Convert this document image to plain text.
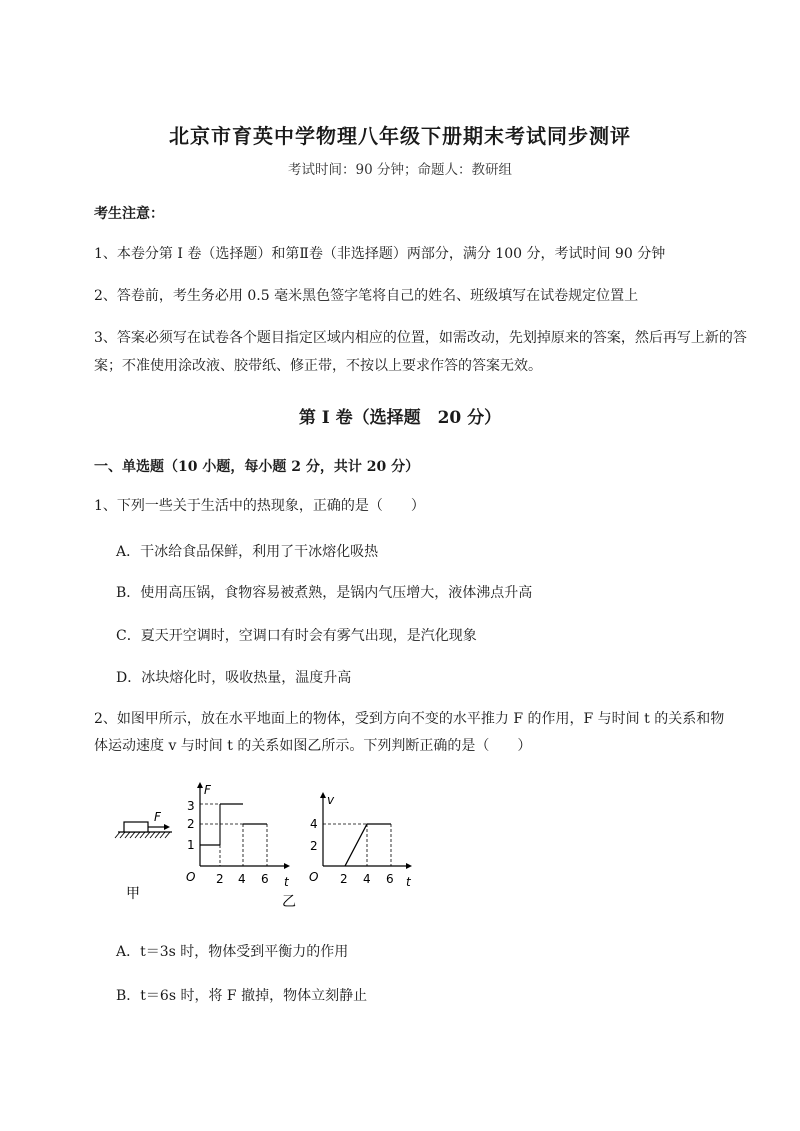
北京市育英中学物理八年级下册期末考试同步测评
考试时间：90 分钟；命题人：教研组
考生注意：
1、本卷分第 I 卷（选择题）和第Ⅱ卷（非选择题）两部分，满分 100 分，考试时间 90 分钟
2、答卷前，考生务必用 0.5 毫米黑色签字笔将自己的姓名、班级填写在试卷规定位置上
3、答案必须写在试卷各个题目指定区域内相应的位置，如需改动，先划掉原来的答案，然后再写上新的答案；不准使用涂改液、胶带纸、修正带，不按以上要求作答的答案无效。
第 I 卷（选择题　20 分）
一、单选题（10 小题，每小题 2 分，共计 20 分）
1、下列一些关于生活中的热现象，正确的是（　　）
A．干冰给食品保鲜，利用了干冰熔化吸热
B．使用高压锅，食物容易被煮熟，是锅内气压增大，液体沸点升高
C．夏天开空调时，空调口有时会有雾气出现，是汽化现象
D．冰块熔化时，吸收热量，温度升高
2、如图甲所示，放在水平地面上的物体，受到方向不变的水平推力 F 的作用，F 与时间 t 的关系和物
体运动速度 v 与时间 t 的关系如图乙所示。下列判断正确的是（　　）
F
甲
F
O
3
2
1
2 4 6 t
乙
v
O
4
2
2 4 6 t
A．t＝3s 时，物体受到平衡力的作用
B．t＝6s 时，将 F 撤掉，物体立刻静止
